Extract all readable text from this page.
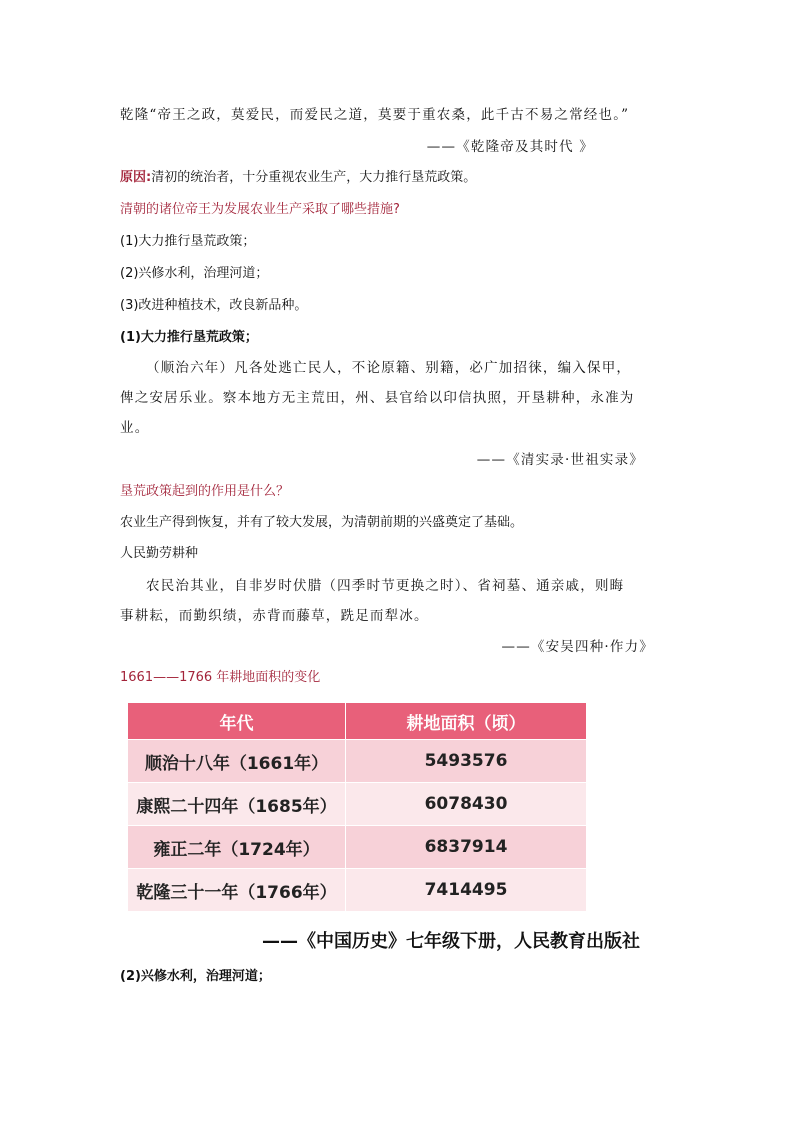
乾隆“帝王之政，莫爱民，而爱民之道，莫要于重农桑，此千古不易之常经也。”
——《乾隆帝及其时代 》
原因:清初的统治者，十分重视农业生产，大力推行垦荒政策。
清朝的诸位帝王为发展农业生产采取了哪些措施?
(1)大力推行垦荒政策；
(2)兴修水利，治理河道；
(3)改进种植技术，改良新品种。
(1)大力推行垦荒政策；
（顺治六年）凡各处逃亡民人，不论原籍、别籍，必广加招徕，编入保甲，
俾之安居乐业。察本地方无主荒田，州、县官给以印信执照，开垦耕种，永准为
业。
——《清实录·世祖实录》
垦荒政策起到的作用是什么？
农业生产得到恢复，并有了较大发展，为清朝前期的兴盛奠定了基础。
人民勤劳耕种
农民治其业，自非岁时伏腊（四季时节更换之时）、省祠墓、通亲戚，则晦
事耕耘，而勤织绩，赤背而藤草，跣足而犁冰。
——《安吴四种·作力》
1661——1766 年耕地面积的变化
年代	耕地面积（顷）
顺治十八年（1661年）	5493576
康熙二十四年（1685年）	6078430
雍正二年（1724年）	6837914
乾隆三十一年（1766年）	7414495
——《中国历史》七年级下册，人民教育出版社
(2)兴修水利，治理河道；
